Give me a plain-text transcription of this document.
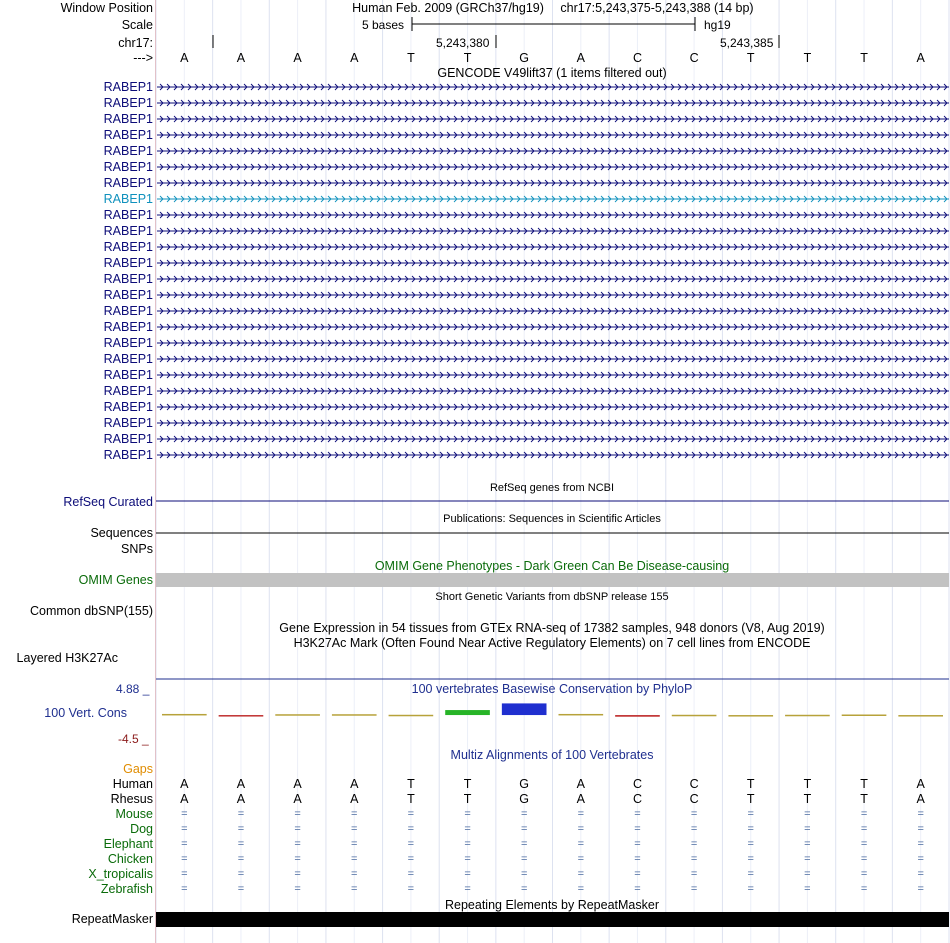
Window Position	Human Feb. 2009 (GRCh37/hg19) chr17:5,243,375-5,243,388 (14 bp)
Scale	5 bases	hg19
chr17:	5,243,380	5,243,385
--->	A	A	A	A	T	T	G	A	C	C	T	T	T	A
GENCODE V49lift37 (1 items filtered out)
RABEP1
RABEP1
RABEP1
RABEP1
RABEP1
RABEP1
RABEP1
RABEP1
RABEP1
RABEP1
RABEP1
RABEP1
RABEP1
RABEP1
RABEP1
RABEP1
RABEP1
RABEP1
RABEP1
RABEP1
RABEP1
RABEP1
RABEP1
RABEP1
RefSeq genes from NCBI
RefSeq Curated
Publications: Sequences in Scientific Articles
Sequences
SNPs
OMIM Gene Phenotypes - Dark Green Can Be Disease-causing
OMIM Genes
Short Genetic Variants from dbSNP release 155
Common dbSNP(155)
Gene Expression in 54 tissues from GTEx RNA-seq of 17382 samples, 948 donors (V8, Aug 2019)
H3K27Ac Mark (Often Found Near Active Regulatory Elements) on 7 cell lines from ENCODE
Layered H3K27Ac
100 vertebrates Basewise Conservation by PhyloP
4.88 _
100 Vert. Cons
-4.5 _
Multiz Alignments of 100 Vertebrates
Gaps
Human	A	A	A	A	T	T	G	A	C	C	T	T	T	A
Rhesus	A	A	A	A	T	T	G	A	C	C	T	T	T	A
Mouse	=	=	=	=	=	=	=	=	=	=	=	=	=	=
Dog	=	=	=	=	=	=	=	=	=	=	=	=	=	=
Elephant	=	=	=	=	=	=	=	=	=	=	=	=	=	=
Chicken	=	=	=	=	=	=	=	=	=	=	=	=	=	=
X_tropicalis	=	=	=	=	=	=	=	=	=	=	=	=	=	=
Zebrafish	=	=	=	=	=	=	=	=	=	=	=	=	=	=
RepeatMasker
Repeating Elements by RepeatMasker
